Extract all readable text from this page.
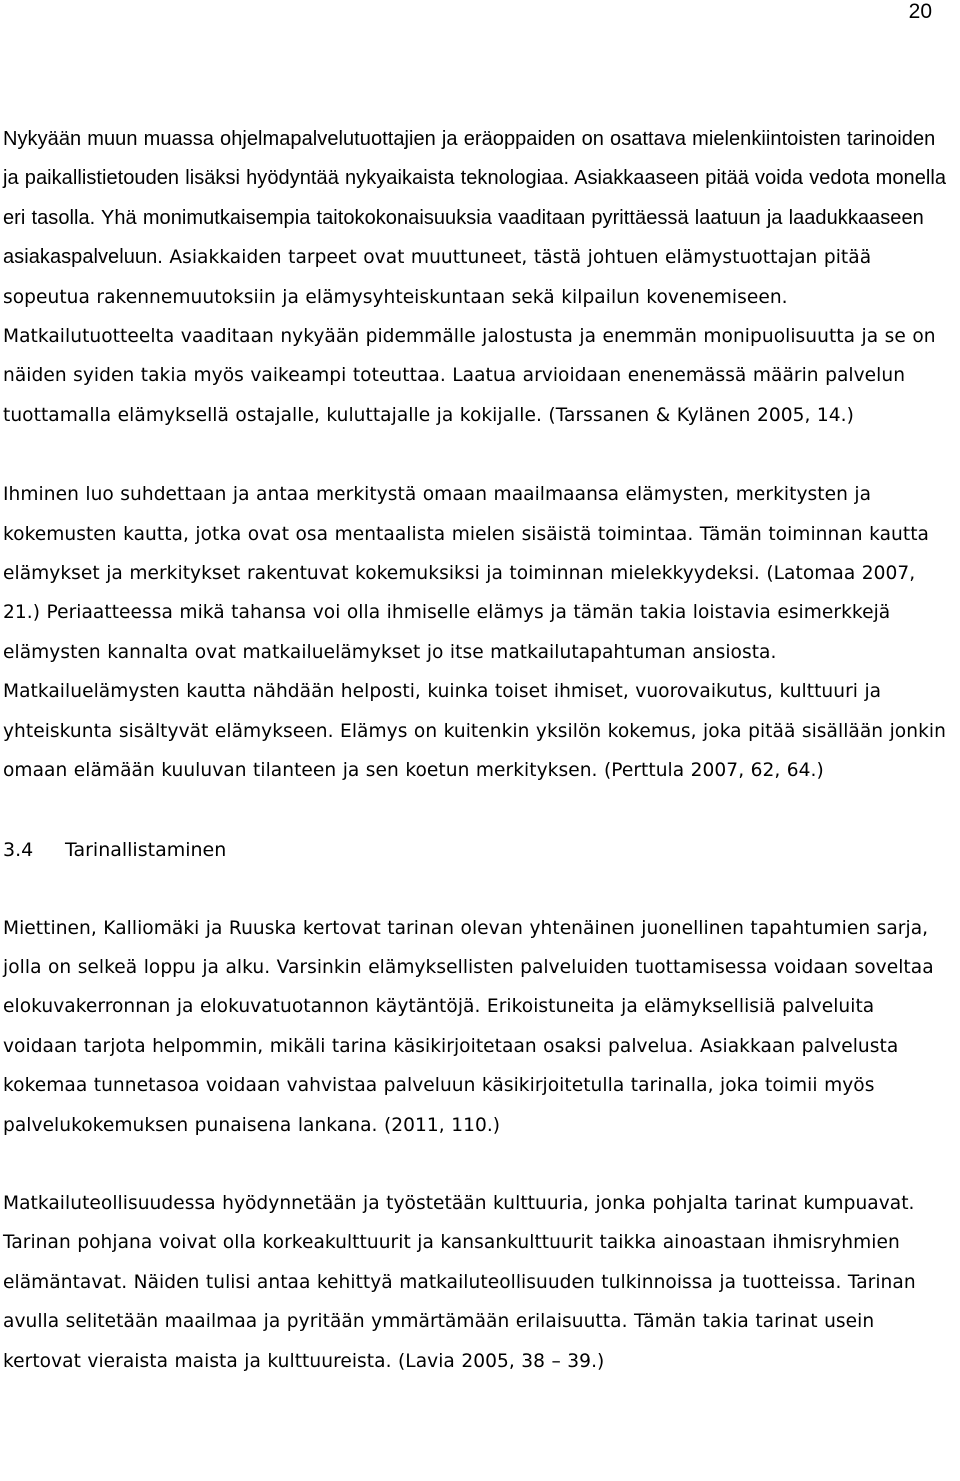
20

Nykyään muun muassa ohjelmapalvelutuottajien ja eräoppaiden on osattava mielenkiintoisten tarinoiden ja paikallistietouden lisäksi hyödyntää nykyaikaista teknologiaa. Asiakkaaseen pitää voida vedota monella eri tasolla. Yhä monimutkaisempia taitokokonaisuuksia vaaditaan pyrittäessä laatuun ja laadukkaaseen asiakaspalveluun. Asiakkaiden tarpeet ovat muuttuneet, tästä johtuen elämystuottajan pitää sopeutua rakennemuutoksiin ja elämysyhteiskuntaan sekä kilpailun kovenemiseen. Matkailutuotteelta vaaditaan nykyään pidemmälle jalostusta ja enemmän monipuolisuutta ja se on näiden syiden takia myös vaikeampi toteuttaa. Laatua arvioidaan enenemässä määrin palvelun tuottamalla elämyksellä ostajalle, kuluttajalle ja kokijalle. (Tarssanen & Kylänen 2005, 14.)

Ihminen luo suhdettaan ja antaa merkitystä omaan maailmaansa elämysten, merkitysten ja kokemusten kautta, jotka ovat osa mentaalista mielen sisäistä toimintaa. Tämän toiminnan kautta elämykset ja merkitykset rakentuvat kokemuksiksi ja toiminnan mielekkyydeksi. (Latomaa 2007, 21.) Periaatteessa mikä tahansa voi olla ihmiselle elämys ja tämän takia loistavia esimerkkejä elämysten kannalta ovat matkailuelämykset jo itse matkailutapahtuman ansiosta. Matkailuelämysten kautta nähdään helposti, kuinka toiset ihmiset, vuorovaikutus, kulttuuri ja yhteiskunta sisältyvät elämykseen. Elämys on kuitenkin yksilön kokemus, joka pitää sisällään jonkin omaan elämään kuuluvan tilanteen ja sen koetun merkityksen. (Perttula 2007, 62, 64.)

3.4 Tarinallistaminen

Miettinen, Kalliomäki ja Ruuska kertovat tarinan olevan yhtenäinen juonellinen tapahtumien sarja, jolla on selkeä loppu ja alku. Varsinkin elämyksellisten palveluiden tuottamisessa voidaan soveltaa elokuvakerronnan ja elokuvatuotannon käytäntöjä. Erikoistuneita ja elämyksellisiä palveluita voidaan tarjota helpommin, mikäli tarina käsikirjoitetaan osaksi palvelua. Asiakkaan palvelusta kokemaa tunnetasoa voidaan vahvistaa palveluun käsikirjoitetulla tarinalla, joka toimii myös palvelukokemuksen punaisena lankana. (2011, 110.)

Matkailuteollisuudessa hyödynnetään ja työstetään kulttuuria, jonka pohjalta tarinat kumpuavat. Tarinan pohjana voivat olla korkeakulttuurit ja kansankulttuurit taikka ainoastaan ihmisryhmien elämäntavat. Näiden tulisi antaa kehittyä matkailuteollisuuden tulkinnoissa ja tuotteissa. Tarinan avulla selitetään maailmaa ja pyritään ymmärtämään erilaisuutta. Tämän takia tarinat usein kertovat vieraista maista ja kulttuureista. (Lavia 2005, 38 – 39.)
